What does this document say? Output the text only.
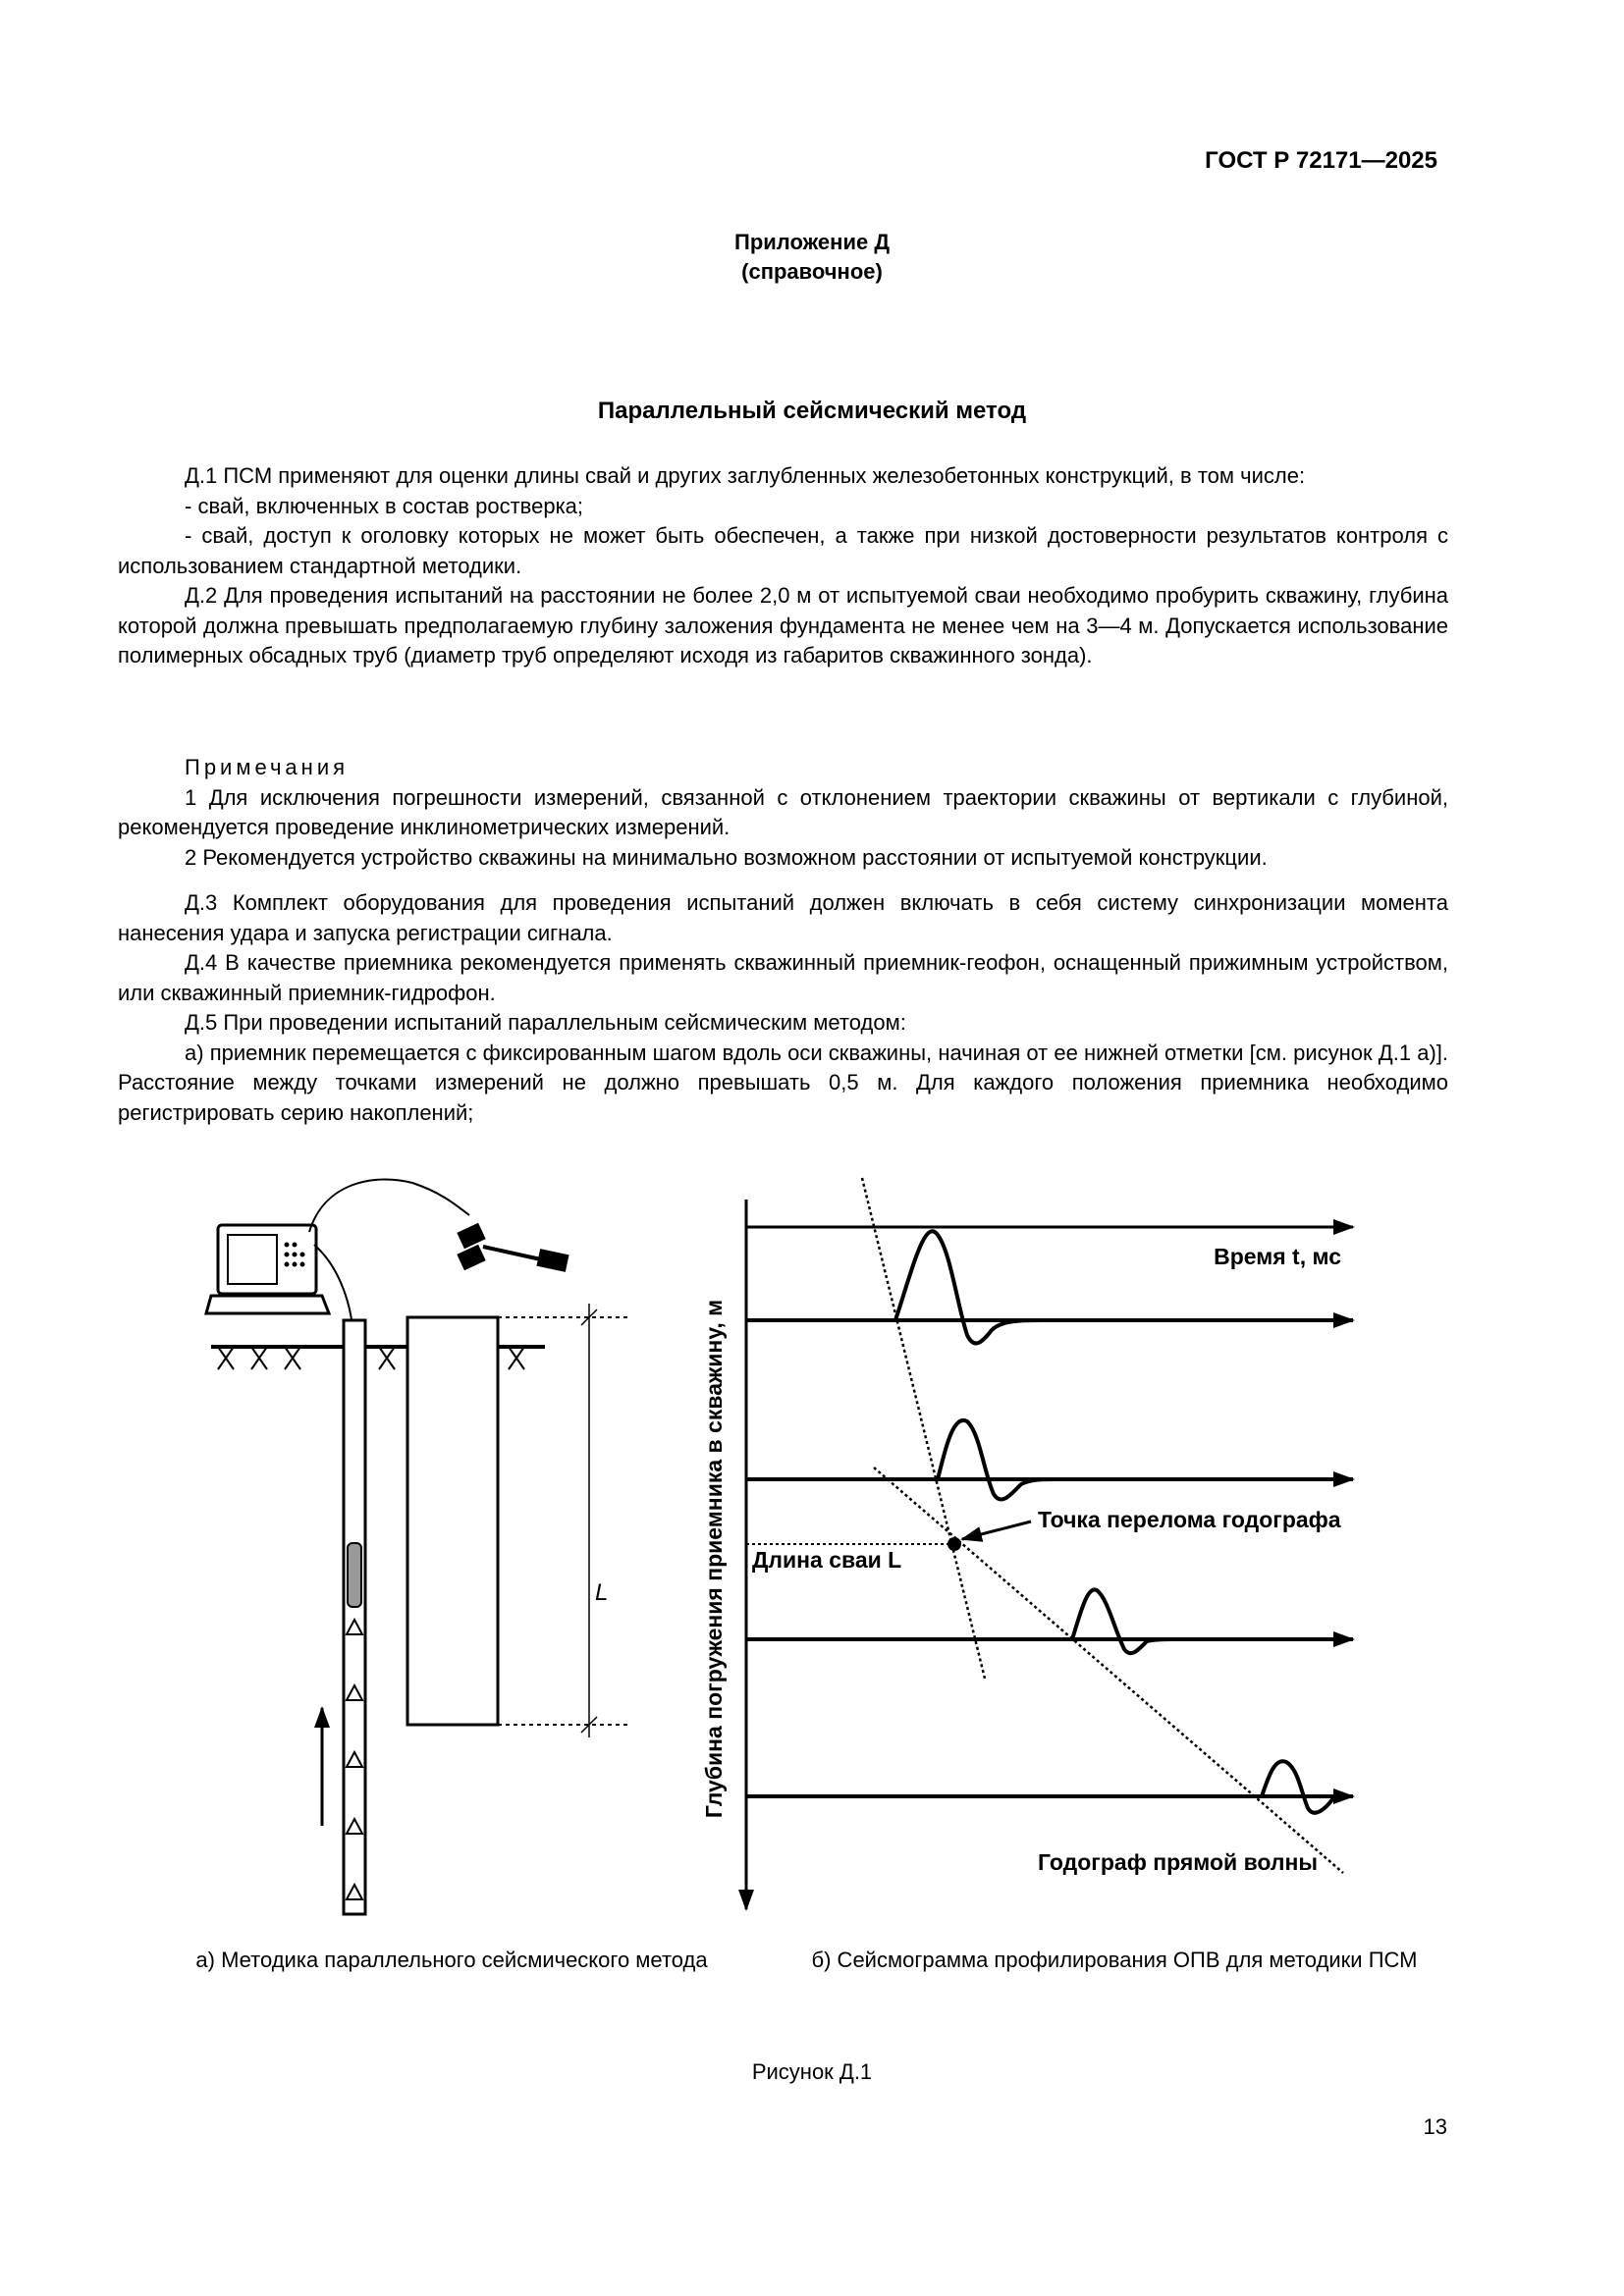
ГОСТ Р 72171—2025
Приложение Д
(справочное)
Параллельный сейсмический метод

Д.1 ПСМ применяют для оценки длины свай и других заглубленных железобетонных конструкций, в том числе:

- свай, включенных в состав ростверка;

- свай, доступ к оголовку которых не может быть обеспечен, а также при низкой достоверности результатов контроля с использованием стандартной методики.

Д.2 Для проведения испытаний на расстоянии не более 2,0 м от испытуемой сваи необходимо пробурить скважину, глубина которой должна превышать предполагаемую глубину заложения фундамента не менее чем на 3—4 м. Допускается использование полимерных обсадных труб (диаметр труб определяют исходя из габаритов скважинного зонда).

Примечания

1 Для исключения погрешности измерений, связанной с отклонением траектории скважины от вертикали с глубиной, рекомендуется проведение инклинометрических измерений.

2 Рекомендуется устройство скважины на минимально возможном расстоянии от испытуемой конструкции.

Д.3 Комплект оборудования для проведения испытаний должен включать в себя систему синхронизации момента нанесения удара и запуска регистрации сигнала.

Д.4 В качестве приемника рекомендуется применять скважинный приемник-геофон, оснащенный прижимным устройством, или скважинный приемник-гидрофон.

Д.5 При проведении испытаний параллельным сейсмическим методом:

а) приемник перемещается с фиксированным шагом вдоль оси скважины, начиная от ее нижней отметки [см. рисунок Д.1 а)]. Расстояние между точками измерений не должно превышать 0,5 м. Для каждого положения приемника необходимо регистрировать серию накоплений;

L
Время t, мс
Глубина погружения приемника в скважину, м	Точка перелома годографа
Длина сваи L
Годограф прямой волны
а) Методика параллельного сейсмического метода	б) Сейсмограмма профилирования ОПВ для методики ПСМ
Рисунок Д.1
13
